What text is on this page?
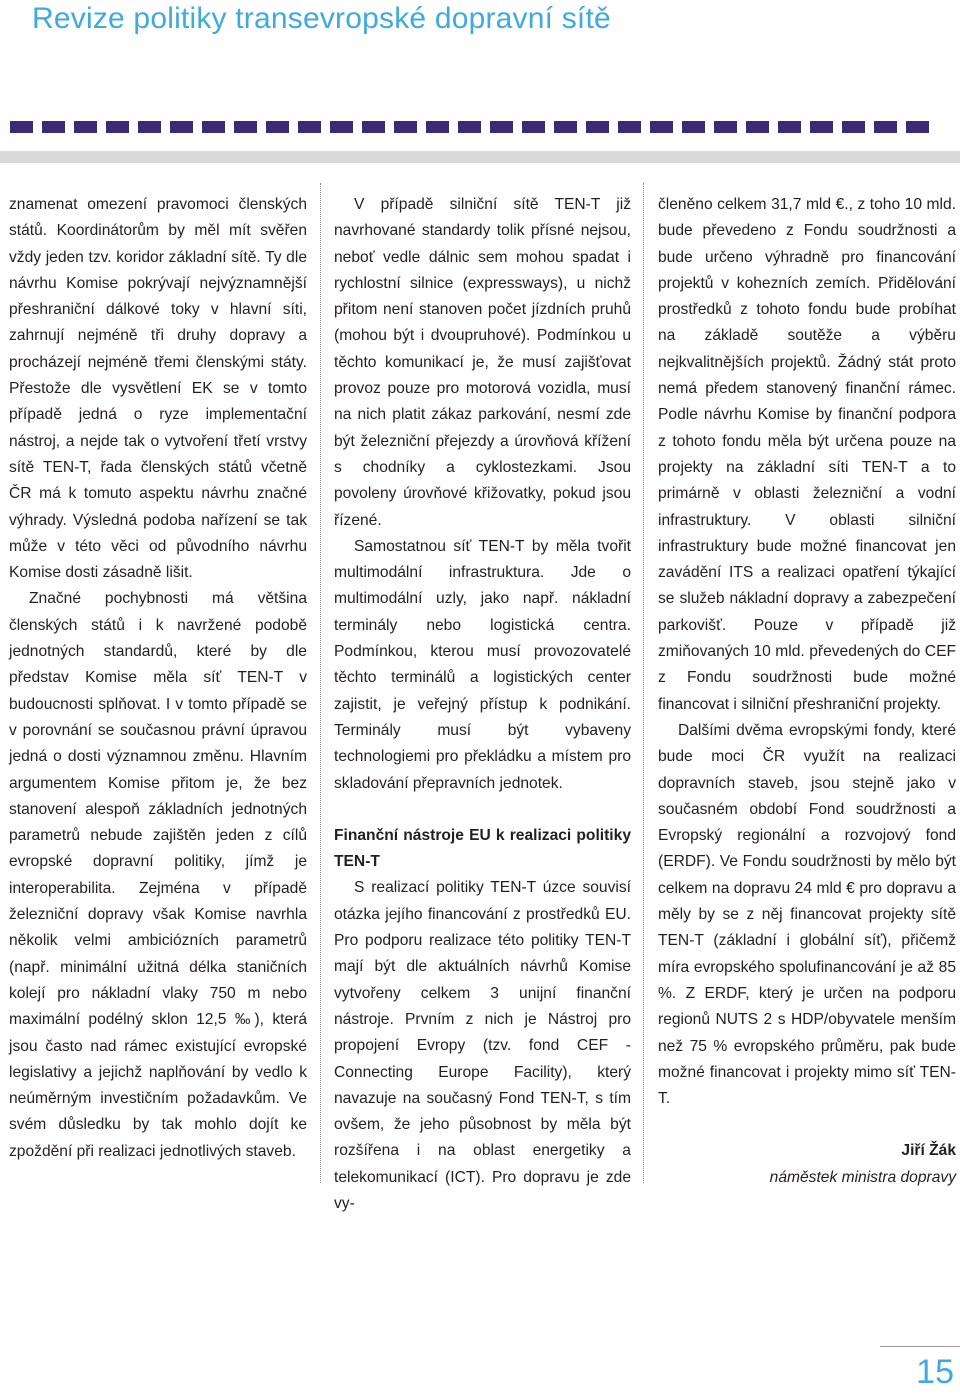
Revize politiky transevropské dopravní sítě

znamenat omezení pravomoci členských států. Koordinátorům by měl mít svěřen vždy jeden tzv. koridor základní sítě. Ty dle návrhu Komise pokrývají nejvýznamnější přeshraniční dálkové toky v hlavní síti, zahrnují nejméně tři druhy dopravy a procházejí nejméně třemi členskými státy. Přestože dle vysvětlení EK se v tomto případě jedná o ryze implementační nástroj, a nejde tak o vytvoření třetí vrstvy sítě TEN-T, řada členských států včetně ČR má k tomuto aspektu návrhu značné výhrady. Výsledná podoba nařízení se tak může v této věci od původního návrhu Komise dosti zásadně lišit.

Značné pochybnosti má většina členských států i k navržené podobě jednotných standardů, které by dle představ Komise měla síť TEN-T v budoucnosti splňovat. I v tomto případě se v porovnání se současnou právní úpravou jedná o dosti významnou změnu. Hlavním argumentem Komise přitom je, že bez stanovení alespoň základních jednotných parametrů nebude zajištěn jeden z cílů evropské dopravní politiky, jímž je interoperabilita. Zejména v případě železniční dopravy však Komise navrhla několik velmi ambiciózních parametrů (např. minimální užitná délka staničních kolejí pro nákladní vlaky 750 m nebo maximální podélný sklon 12,5 ‰), která jsou často nad rámec existující evropské legislativy a jejichž naplňování by vedlo k neúměrným investičním požadavkům. Ve svém důsledku by tak mohlo dojít ke zpoždění při realizaci jednotlivých staveb.

V případě silniční sítě TEN-T již navrhované standardy tolik přísné nejsou, neboť vedle dálnic sem mohou spadat i rychlostní silnice (expressways), u nichž přitom není stanoven počet jízdních pruhů (mohou být i dvoupruhové). Podmínkou u těchto komunikací je, že musí zajišťovat provoz pouze pro motorová vozidla, musí na nich platit zákaz parkování, nesmí zde být železniční přejezdy a úrovňová křížení s chodníky a cyklostezkami. Jsou povoleny úrovňové křižovatky, pokud jsou řízené.

Samostatnou síť TEN-T by měla tvořit multimodální infrastruktura. Jde o multimodální uzly, jako např. nákladní terminály nebo logistická centra. Podmínkou, kterou musí provozovatelé těchto terminálů a logistických center zajistit, je veřejný přístup k podnikání. Terminály musí být vybaveny technologiemi pro překládku a místem pro skladování přepravních jednotek.

Finanční nástroje EU k realizaci politiky TEN-T

S realizací politiky TEN-T úzce souvisí otázka jejího financování z prostředků EU. Pro podporu realizace této politiky TEN-T mají být dle aktuálních návrhů Komise vytvořeny celkem 3 unijní finanční nástroje. Prvním z nich je Nástroj pro propojení Evropy (tzv. fond CEF - Connecting Europe Facility), který navazuje na současný Fond TEN-T, s tím ovšem, že jeho působnost by měla být rozšířena i na oblast energetiky a telekomunikací (ICT). Pro dopravu je zde vy-

členěno celkem 31,7 mld €., z toho 10 mld. bude převedeno z Fondu soudržnosti a bude určeno výhradně pro financování projektů v kohezních zemích. Přidělování prostředků z tohoto fondu bude probíhat na základě soutěže a výběru nejkvalitnějších projektů. Žádný stát proto nemá předem stanovený finanční rámec. Podle návrhu Komise by finanční podpora z tohoto fondu měla být určena pouze na projekty na základní síti TEN-T a to primárně v oblasti železniční a vodní infrastruktury. V oblasti silniční infrastruktury bude možné financovat jen zavádění ITS a realizaci opatření týkající se služeb nákladní dopravy a zabezpečení parkovišť. Pouze v případě již zmiňovaných 10 mld. převedených do CEF z Fondu soudržnosti bude možné financovat i silniční přeshraniční projekty.

Dalšími dvěma evropskými fondy, které bude moci ČR využít na realizaci dopravních staveb, jsou stejně jako v současném období Fond soudržnosti a Evropský regionální a rozvojový fond (ERDF). Ve Fondu soudržnosti by mělo být celkem na dopravu 24 mld € pro dopravu a měly by se z něj financovat projekty sítě TEN-T (základní i globální síť), přičemž míra evropského spolufinancování je až 85 %. Z ERDF, který je určen na podporu regionů NUTS 2 s HDP/obyvatele menším než 75 % evropského průměru, pak bude možné financovat i projekty mimo síť TEN-T.

Jiří Žák

náměstek ministra dopravy

15
